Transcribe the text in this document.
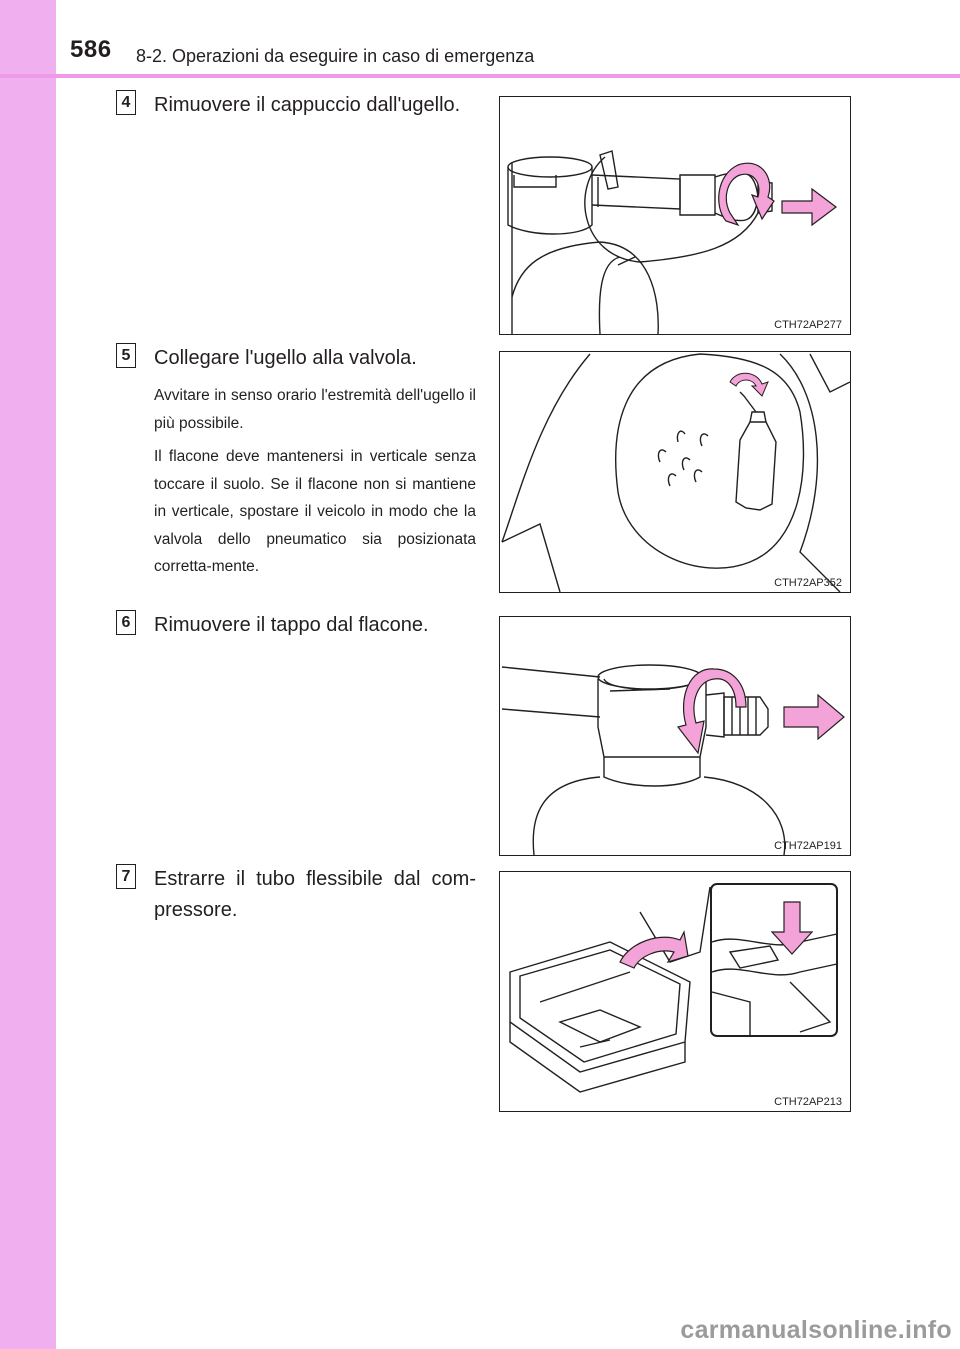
586 8-2. Operazioni da eseguire in caso di emergenza
4 Rimuovere il cappuccio dall'ugello.
CTH72AP277
5 Collegare l'ugello alla valvola.
Avvitare in senso orario l'estremità dell'ugello il più possibile.
Il flacone deve mantenersi in verticale senza toccare il suolo. Se il flacone non si mantiene in verticale, spostare il veicolo in modo che la valvola dello pneumatico sia posizionata corretta-mente.
CTH72AP352
6 Rimuovere il tappo dal flacone.
CTH72AP191
7 Estrarre il tubo flessibile dal com-pressore.
CTH72AP213
carmanualsonline.info
